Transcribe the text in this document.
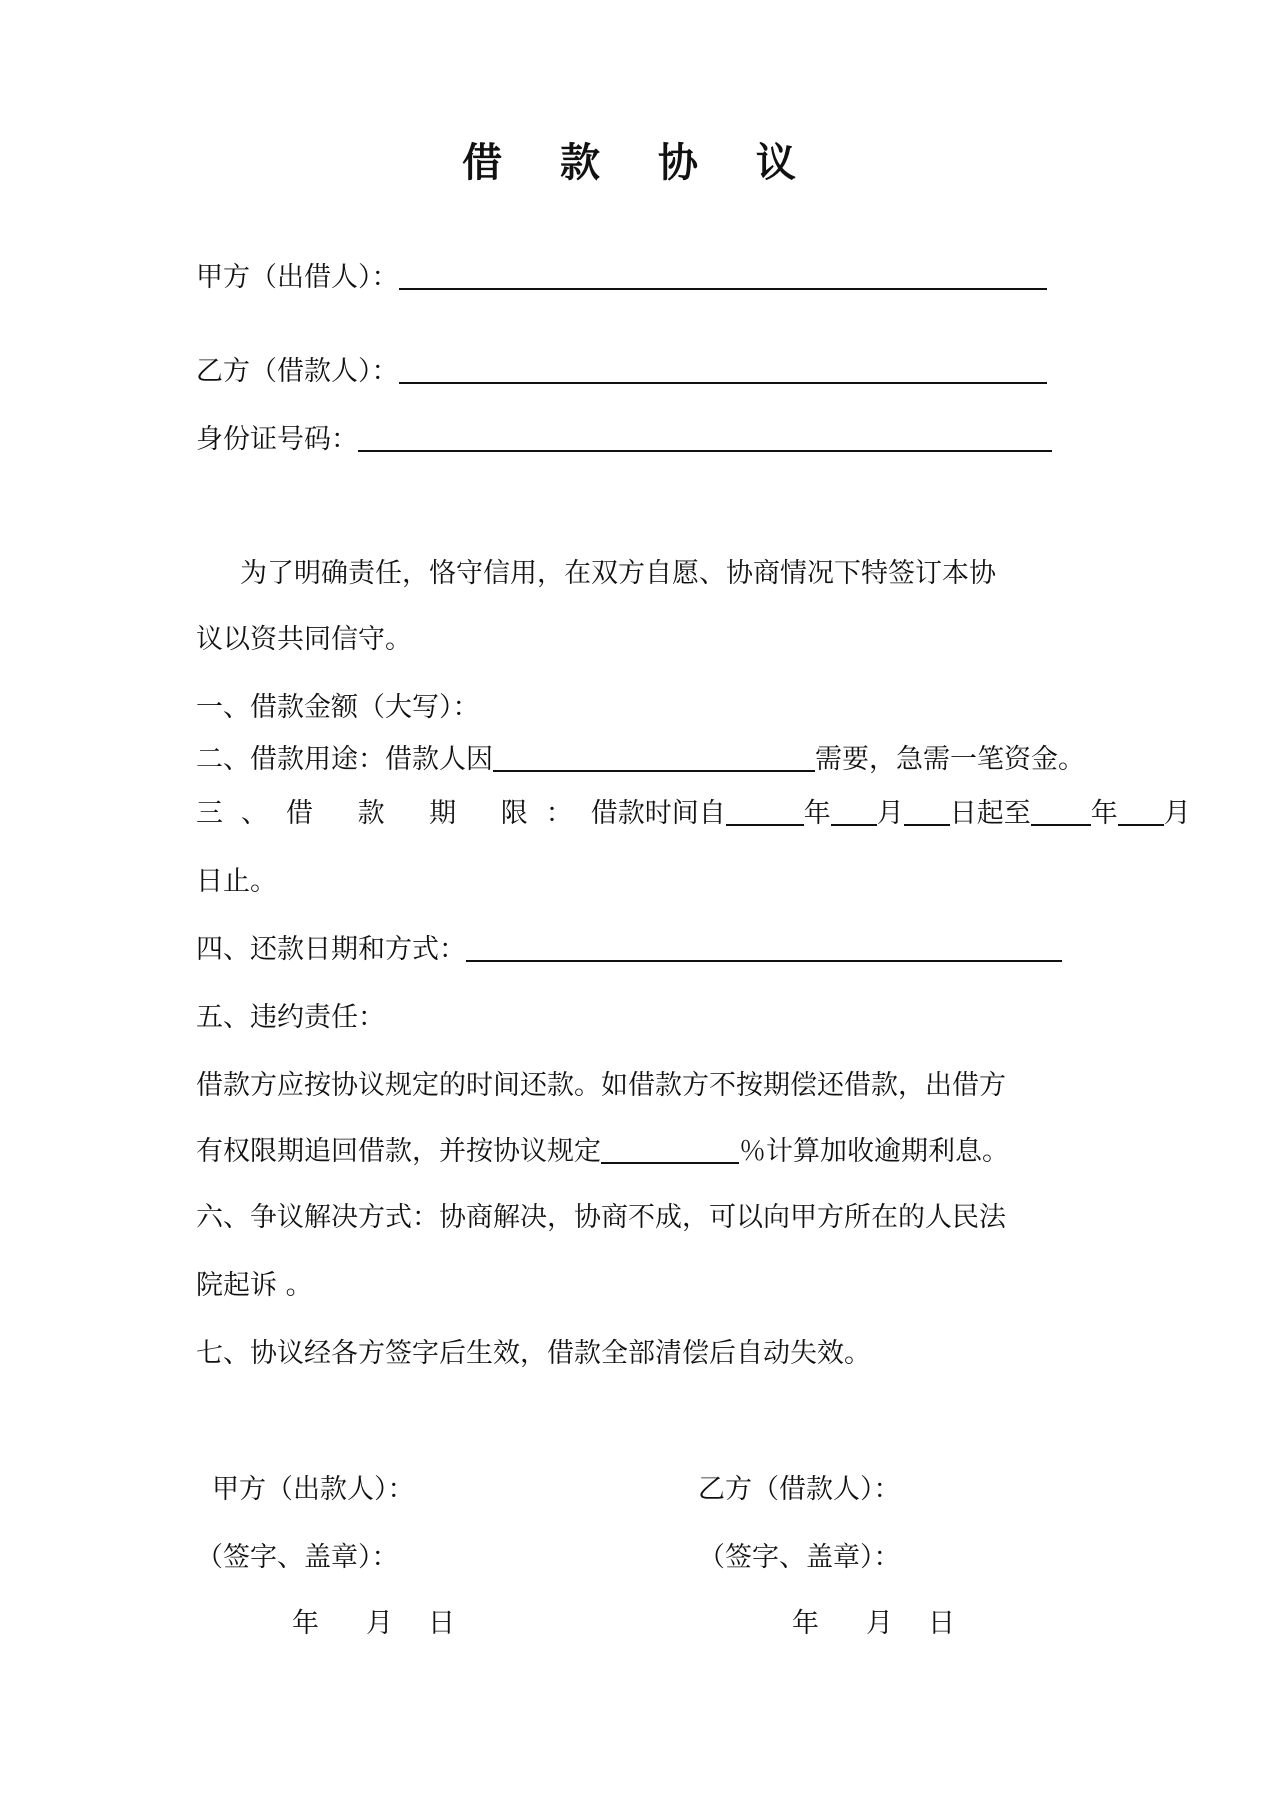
借 款 协 议
甲方（出借人）：
乙方（借款人）：
身份证号码：
为了明确责任，恪守信用，在双方自愿、协商情况下特签订本协
议以资共同信守。
一、借款金额（大写）：
二、借款用途：借款人因	需要，急需一笔资金。
三、借 款 期 限：借款时间自	年 月 日起至 年 月
日止。
四、还款日期和方式：
五、违约责任：
借款方应按协议规定的时间还款。如借款方不按期偿还借款，出借方
有权限期追回借款，并按协议规定	％计算加收逾期利息。
六、争议解决方式：协商解决，协商不成，可以向甲方所在的人民法
院起诉 。
七、协议经各方签字后生效，借款全部清偿后自动失效。
甲方（出款人）：	乙方（借款人）：
（签字、盖章）：	（签字、盖章）：
年 月 日	年 月 日
